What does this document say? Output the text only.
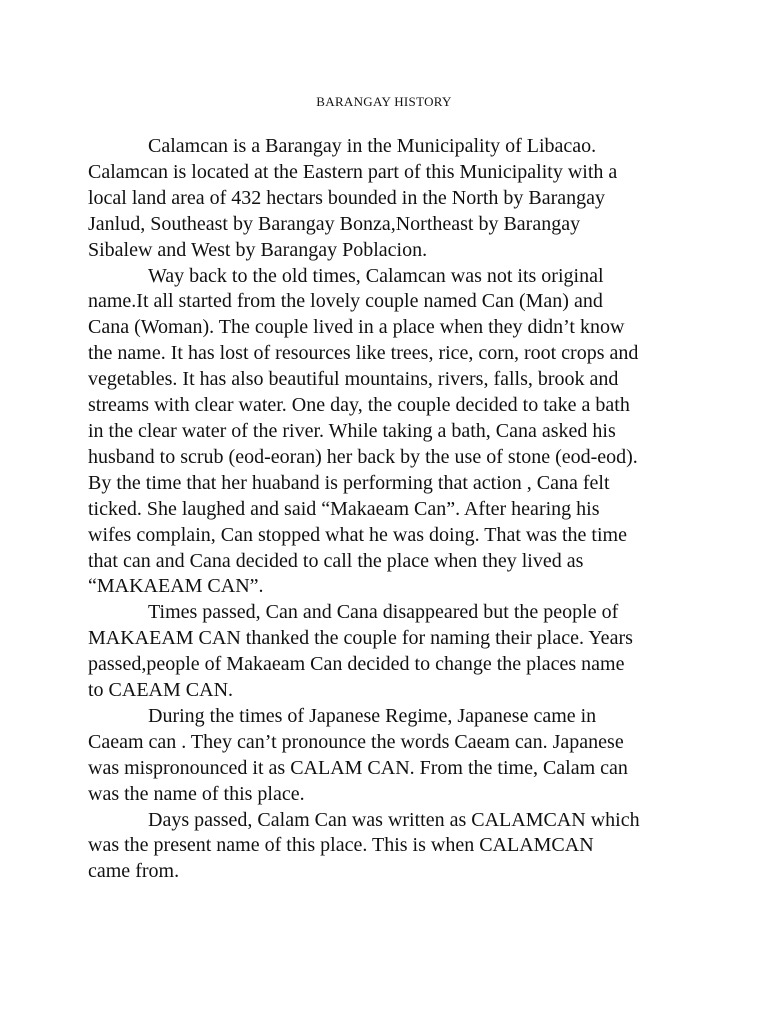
BARANGAY HISTORY
Calamcan is a Barangay in the Municipality of Libacao.
Calamcan is located at the Eastern part of this Municipality with a
local land area of 432 hectars bounded in the North by Barangay
Janlud, Southeast by Barangay Bonza,Northeast by Barangay
Sibalew and West by Barangay Poblacion.
Way back to the old times, Calamcan was not its original
name.It all started from the lovely couple named Can (Man) and
Cana (Woman). The couple lived in a place when they didn’t know
the name. It has lost of resources like trees, rice, corn, root crops and
vegetables. It has also beautiful mountains, rivers, falls, brook and
streams with clear water. One day, the couple decided to take a bath
in the clear water of the river. While taking a bath, Cana asked his
husband to scrub (eod-eoran) her back by the use of stone (eod-eod).
By the time that her huaband is performing that action , Cana felt
ticked. She laughed and said “Makaeam Can”. After hearing his
wifes complain, Can stopped what he was doing. That was the time
that can and Cana decided to call the place when they lived as
“MAKAEAM CAN”.
Times passed, Can and Cana disappeared but the people of
MAKAEAM CAN thanked the couple for naming their place. Years
passed,people of Makaeam Can decided to change the places name
to CAEAM CAN.
During the times of Japanese Regime, Japanese came in
Caeam can . They can’t pronounce the words Caeam can. Japanese
was mispronounced it as CALAM CAN. From the time, Calam can
was the name of this place.
Days passed, Calam Can was written as CALAMCAN which
was the present name of this place. This is when CALAMCAN
came from.
